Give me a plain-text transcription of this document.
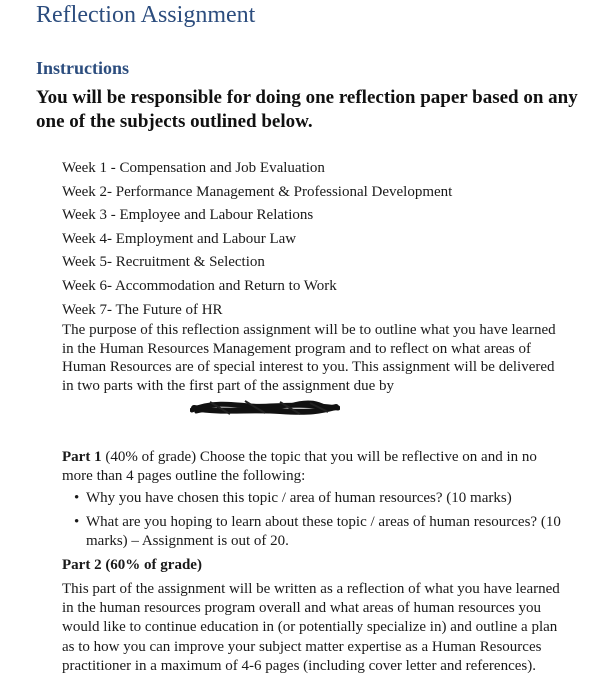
Reflection Assignment
Instructions
You will be responsible for doing one reflection paper based on any one of the subjects outlined below.
Week 1 - Compensation and Job Evaluation
Week 2- Performance Management & Professional Development
Week 3 - Employee and Labour Relations
Week 4- Employment and Labour Law
Week 5- Recruitment & Selection
Week 6- Accommodation and Return to Work
Week 7- The Future of HR

The purpose of this reflection assignment will be to outline what you have learned in the Human Resources Management program and to reflect on what areas of Human Resources are of special interest to you. This assignment will be delivered in two parts with the first part of the assignment due by

Part 1 (40% of grade) Choose the topic that you will be reflective on and in no more than 4 pages outline the following:

• Why you have chosen this topic / area of human resources? (10 marks)
• What are you hoping to learn about these topic / areas of human resources? (10 marks) – Assignment is out of 20.
Part 2 (60% of grade)

This part of the assignment will be written as a reflection of what you have learned in the human resources program overall and what areas of human resources you would like to continue education in (or potentially specialize in) and outline a plan as to how you can improve your subject matter expertise as a Human Resources practitioner in a maximum of 4-6 pages (including cover letter and references).
